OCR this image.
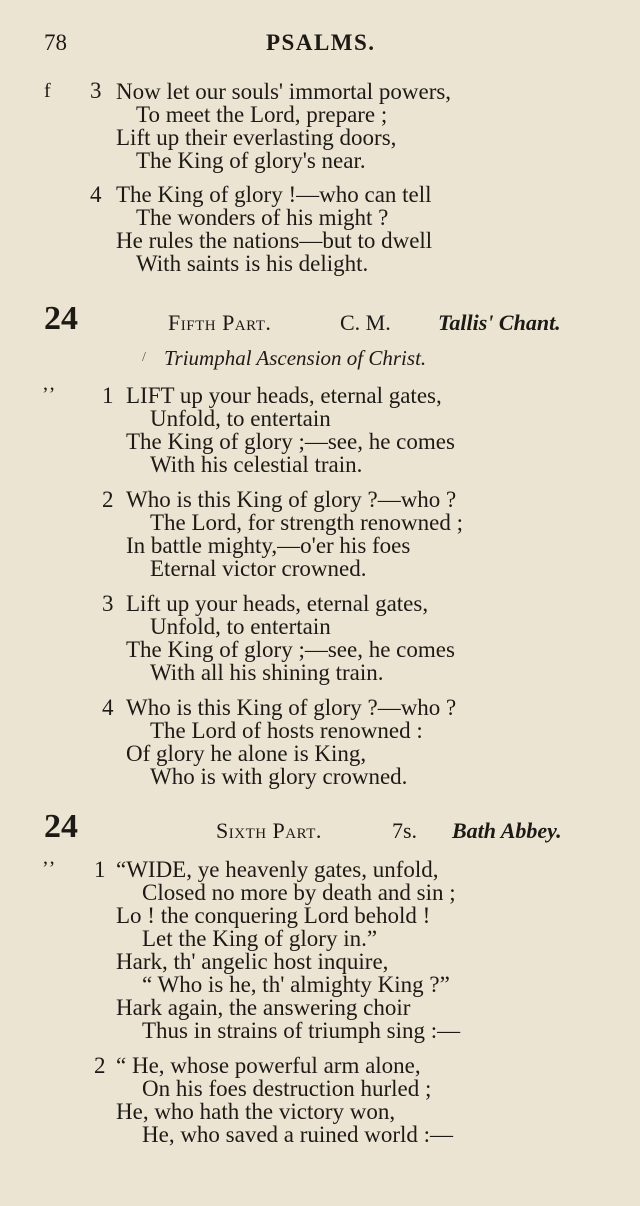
78	PSALMS.
f 3 Now let our souls' immortal powers,
To meet the Lord, prepare ;
Lift up their everlasting doors,
The King of glory's near.
4 The King of glory !—who can tell
The wonders of his might ?
He rules the nations—but to dwell
With saints is his delight.
24	Fifth Part.	C. M. Tallis' Chant.
/ Triumphal Ascension of Christ.
ʼʼ 1 LIFT up your heads, eternal gates,
Unfold, to entertain
The King of glory ;—see, he comes
With his celestial train.
2 Who is this King of glory ?—who ?
The Lord, for strength renowned ;
In battle mighty,—o'er his foes
Eternal victor crowned.
3 Lift up your heads, eternal gates,
Unfold, to entertain
The King of glory ;—see, he comes
With all his shining train.
4 Who is this King of glory ?—who ?
The Lord of hosts renowned :
Of glory he alone is King,
Who is with glory crowned.
24	Sixth Part.	7s. Bath Abbey.
ʼʼ 1 “WIDE, ye heavenly gates, unfold,
Closed no more by death and sin ;
Lo ! the conquering Lord behold !
Let the King of glory in.”
Hark, th' angelic host inquire,
“ Who is he, th' almighty King ?”
Hark again, the answering choir
Thus in strains of triumph sing :—
2 “ He, whose powerful arm alone,
On his foes destruction hurled ;
He, who hath the victory won,
He, who saved a ruined world :—
